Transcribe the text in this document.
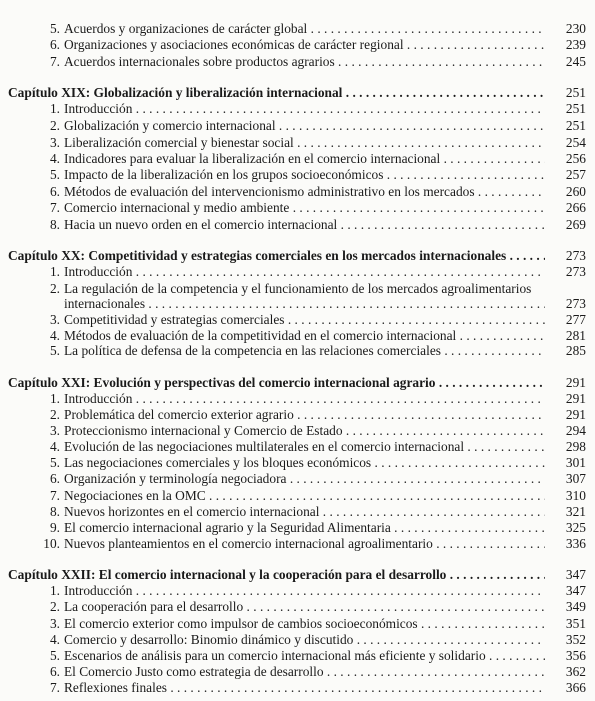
5. Acuerdos y organizaciones de carácter global . . .	230
6. Organizaciones y asociaciones económicas de carácter regional . . .	239
7. Acuerdos internacionales sobre productos agrarios . . .	245
Capítulo XIX: Globalización y liberalización internacional . . .	251
1. Introducción . . .	251
2. Globalización y comercio internacional . . .	251
3. Liberalización comercial y bienestar social . . .	254
4. Indicadores para evaluar la liberalización en el comercio internacional . . .	256
5. Impacto de la liberalización en los grupos socioeconómicos . . .	257
6. Métodos de evaluación del intervencionismo administrativo en los mercados . . .	260
7. Comercio internacional y medio ambiente . . .	266
8. Hacia un nuevo orden en el comercio internacional . . .	269
Capítulo XX: Competitividad y estrategias comerciales en los mercados internacionales . . .	273
1. Introducción . . .	273
2. La regulación de la competencia y el funcionamiento de los mercados agroalimentarios
internacionales . . .	273
3. Competitividad y estrategias comerciales . . .	277
4. Métodos de evaluación de la competitividad en el comercio internacional . . .	281
5. La política de defensa de la competencia en las relaciones comerciales . . .	285
Capítulo XXI: Evolución y perspectivas del comercio internacional agrario . . .	291
1. Introducción . . .	291
2. Problemática del comercio exterior agrario . . .	291
3. Proteccionismo internacional y Comercio de Estado . . .	294
4. Evolución de las negociaciones multilaterales en el comercio internacional . . .	298
5. Las negociaciones comerciales y los bloques económicos . . .	301
6. Organización y terminología negociadora . . .	307
7. Negociaciones en la OMC . . .	310
8. Nuevos horizontes en el comercio internacional . . .	321
9. El comercio internacional agrario y la Seguridad Alimentaria . . .	325
10. Nuevos planteamientos en el comercio internacional agroalimentario . . .	336
Capítulo XXII: El comercio internacional y la cooperación para el desarrollo . . .	347
1. Introducción . . .	347
2. La cooperación para el desarrollo . . .	349
3. El comercio exterior como impulsor de cambios socioeconómicos . . .	351
4. Comercio y desarrollo: Binomio dinámico y discutido . . .	352
5. Escenarios de análisis para un comercio internacional más eficiente y solidario . . .	356
6. El Comercio Justo como estrategia de desarrollo . . .	362
7. Reflexiones finales . . .	366
